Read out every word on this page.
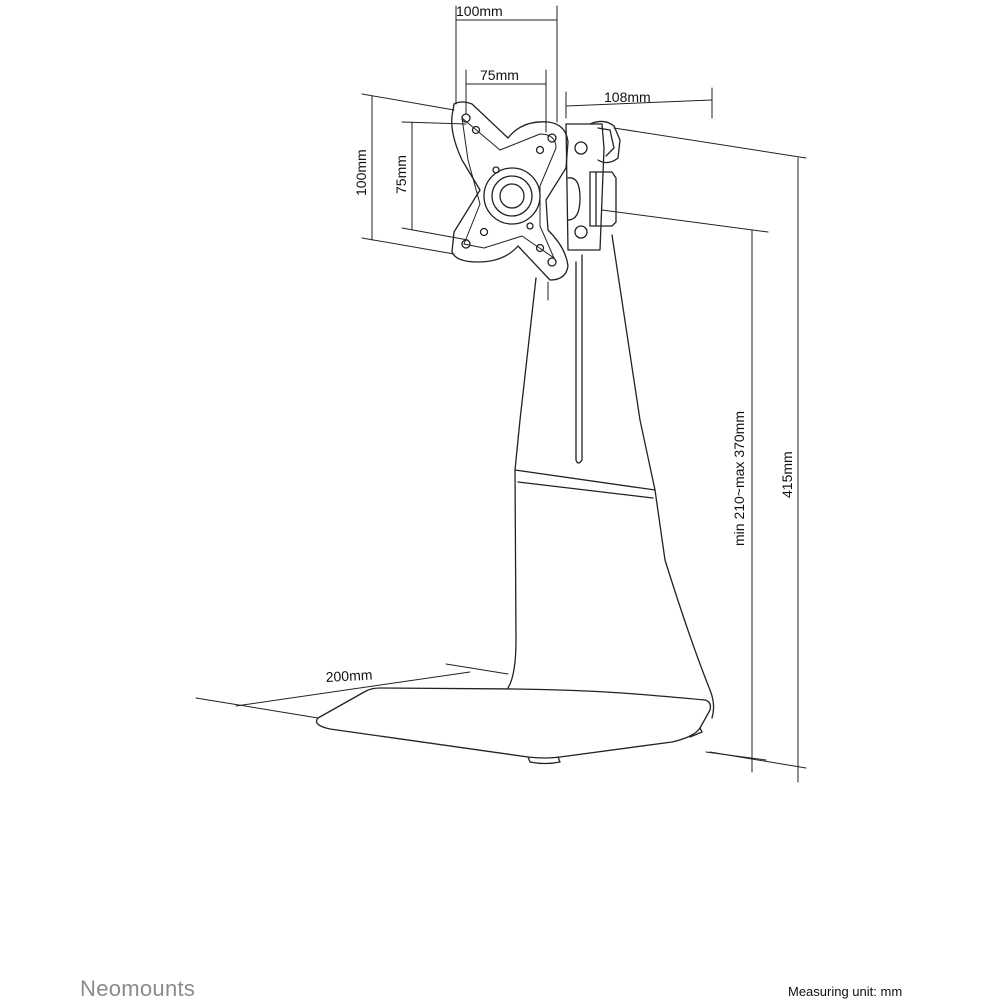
100mm
75mm
108mm
100mm 75mm
min 210~max 370mm 415mm
200mm
Neomounts	Measuring unit: mm
